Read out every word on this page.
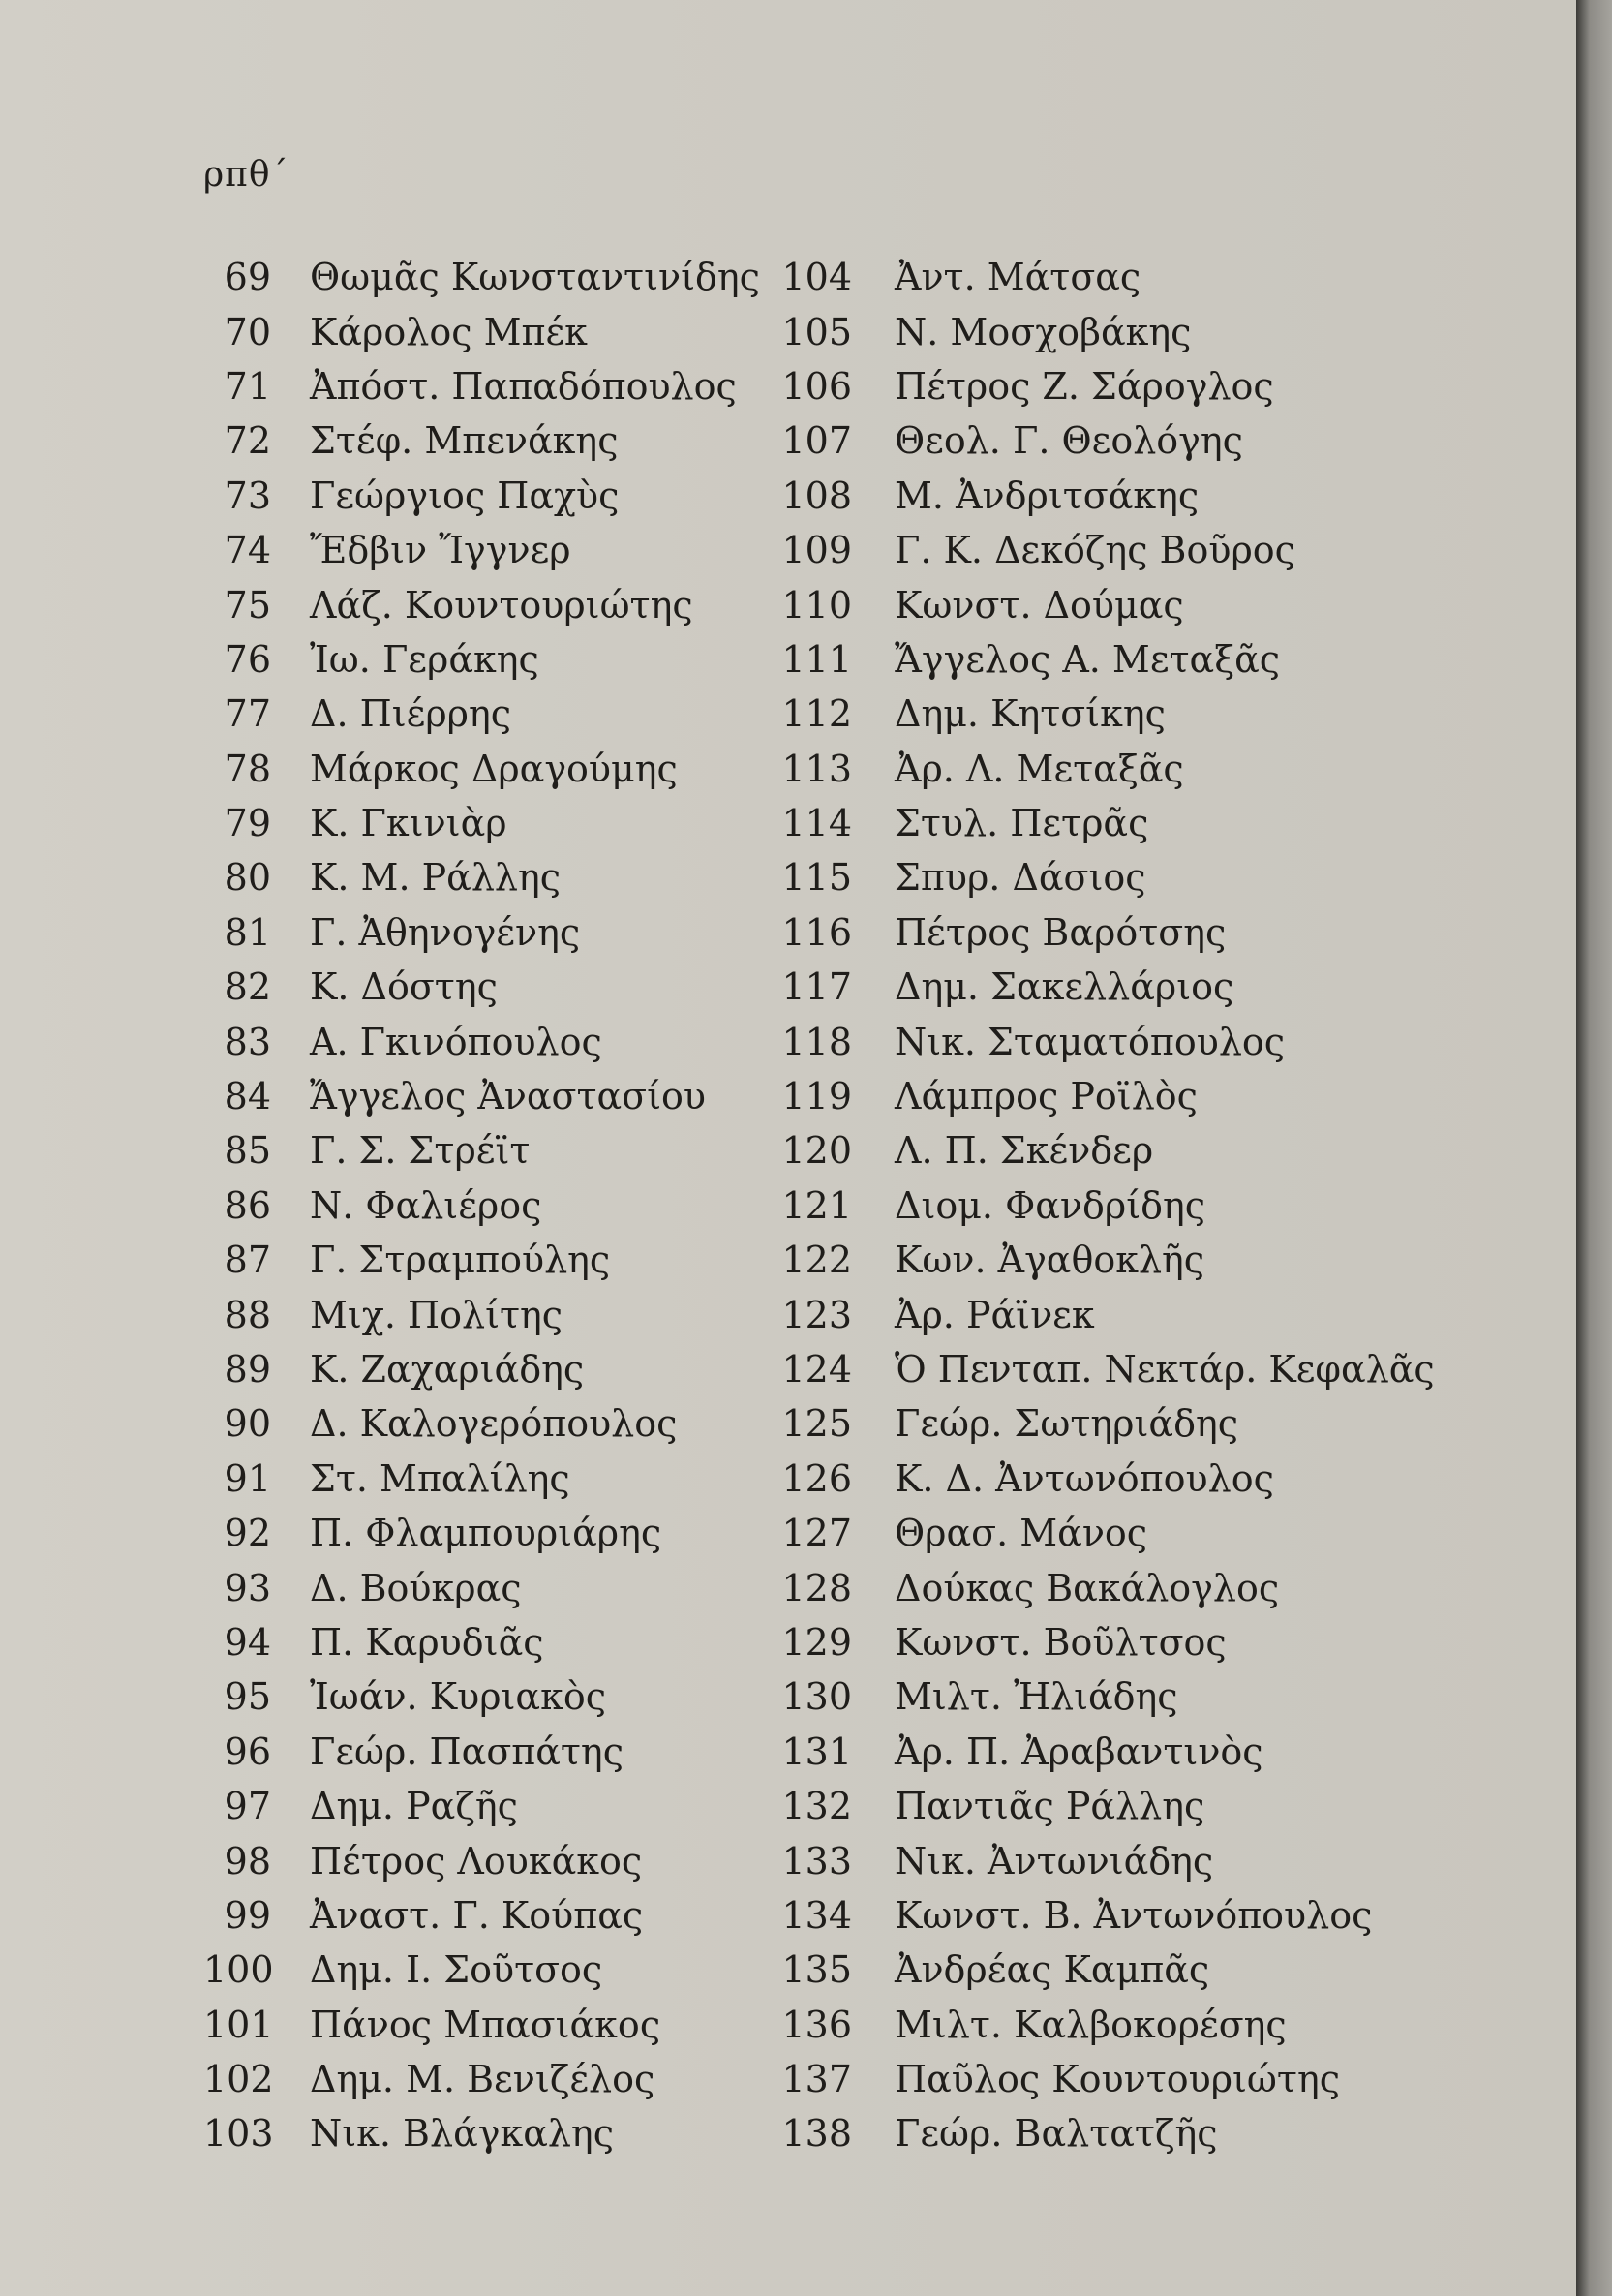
ρπθ΄
69 Θωμᾶς Κωνσταντινίδης
70 Κάρολος Μπέκ
71 Ἀπόστ. Παπαδόπουλος
72 Στέφ. Μπενάκης
73 Γεώργιος Παχὺς
74 Ἔδβιν Ἴγγνερ
75 Λάζ. Κουντουριώτης
76 Ἰω. Γεράκης
77 Δ. Πιέρρης
78 Μάρκος Δραγούμης
79 Κ. Γκινιὰρ
80 Κ. Μ. Ράλλης
81 Γ. Ἀθηνογένης
82 Κ. Δόστης
83 Α. Γκινόπουλος
84 Ἄγγελος Ἀναστασίου
85 Γ. Σ. Στρέϊτ
86 Ν. Φαλιέρος
87 Γ. Στραμπούλης
88 Μιχ. Πολίτης
89 Κ. Ζαχαριάδης
90 Δ. Καλογερόπουλος
91 Στ. Μπαλίλης
92 Π. Φλαμπουριάρης
93 Δ. Βούκρας
94 Π. Καρυδιᾶς
95 Ἰωάν. Κυριακὸς
96 Γεώρ. Πασπάτης
97 Δημ. Ραζῆς
98 Πέτρος Λουκάκος
99 Ἀναστ. Γ. Κούπας
100 Δημ. Ι. Σοῦτσος
101 Πάνος Μπασιάκος
102 Δημ. Μ. Βενιζέλος
103 Νικ. Βλάγκαλης
104 Ἀντ. Μάτσας
105 Ν. Μοσχοβάκης
106 Πέτρος Ζ. Σάρογλος
107 Θεολ. Γ. Θεολόγης
108 Μ. Ἀνδριτσάκης
109 Γ. Κ. Δεκόζης Βοῦρος
110 Κωνστ. Δούμας
111 Ἄγγελος Α. Μεταξᾶς
112 Δημ. Κητσίκης
113 Ἀρ. Λ. Μεταξᾶς
114 Στυλ. Πετρᾶς
115 Σπυρ. Δάσιος
116 Πέτρος Βαρότσης
117 Δημ. Σακελλάριος
118 Νικ. Σταματόπουλος
119 Λάμπρος Ροϊλὸς
120 Λ. Π. Σκένδερ
121 Διομ. Φανδρίδης
122 Κων. Ἀγαθοκλῆς
123 Ἀρ. Ράϊνεκ
124 Ὁ Πενταπ. Νεκτάρ. Κεφαλᾶς
125 Γεώρ. Σωτηριάδης
126 Κ. Δ. Ἀντωνόπουλος
127 Θρασ. Μάνος
128 Δούκας Βακάλογλος
129 Κωνστ. Βοῦλτσος
130 Μιλτ. Ἠλιάδης
131 Ἀρ. Π. Ἀραβαντινὸς
132 Παντιᾶς Ράλλης
133 Νικ. Ἀντωνιάδης
134 Κωνστ. Β. Ἀντωνόπουλος
135 Ἀνδρέας Καμπᾶς
136 Μιλτ. Καλβοκορέσης
137 Παῦλος Κουντουριώτης
138 Γεώρ. Βαλτατζῆς
